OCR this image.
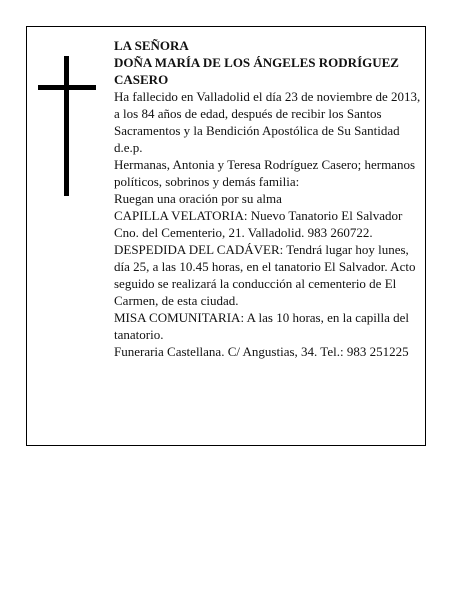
LA SEÑORA

DOÑA MARÍA DE LOS ÁNGELES RODRÍGUEZ CASERO

Ha fallecido en Valladolid el día 23 de noviembre de 2013, a los 84 años de edad, después de recibir los Santos Sacramentos y la Bendición Apostólica de Su Santidad

d.e.p.

Hermanas, Antonia y Teresa Rodríguez Casero; hermanos políticos, sobrinos y demás familia:

Ruegan una oración por su alma

CAPILLA VELATORIA: Nuevo Tanatorio El Salvador Cno. del Cementerio, 21. Valladolid. 983 260722.

DESPEDIDA DEL CADÁVER: Tendrá lugar hoy lunes, día 25, a las 10.45 horas, en el tanatorio El Salvador. Acto seguido se realizará la conducción al cementerio de El Carmen, de esta ciudad.

MISA COMUNITARIA: A las 10 horas, en la capilla del tanatorio.

Funeraria Castellana. C/ Angustias, 34. Tel.: 983 251225
